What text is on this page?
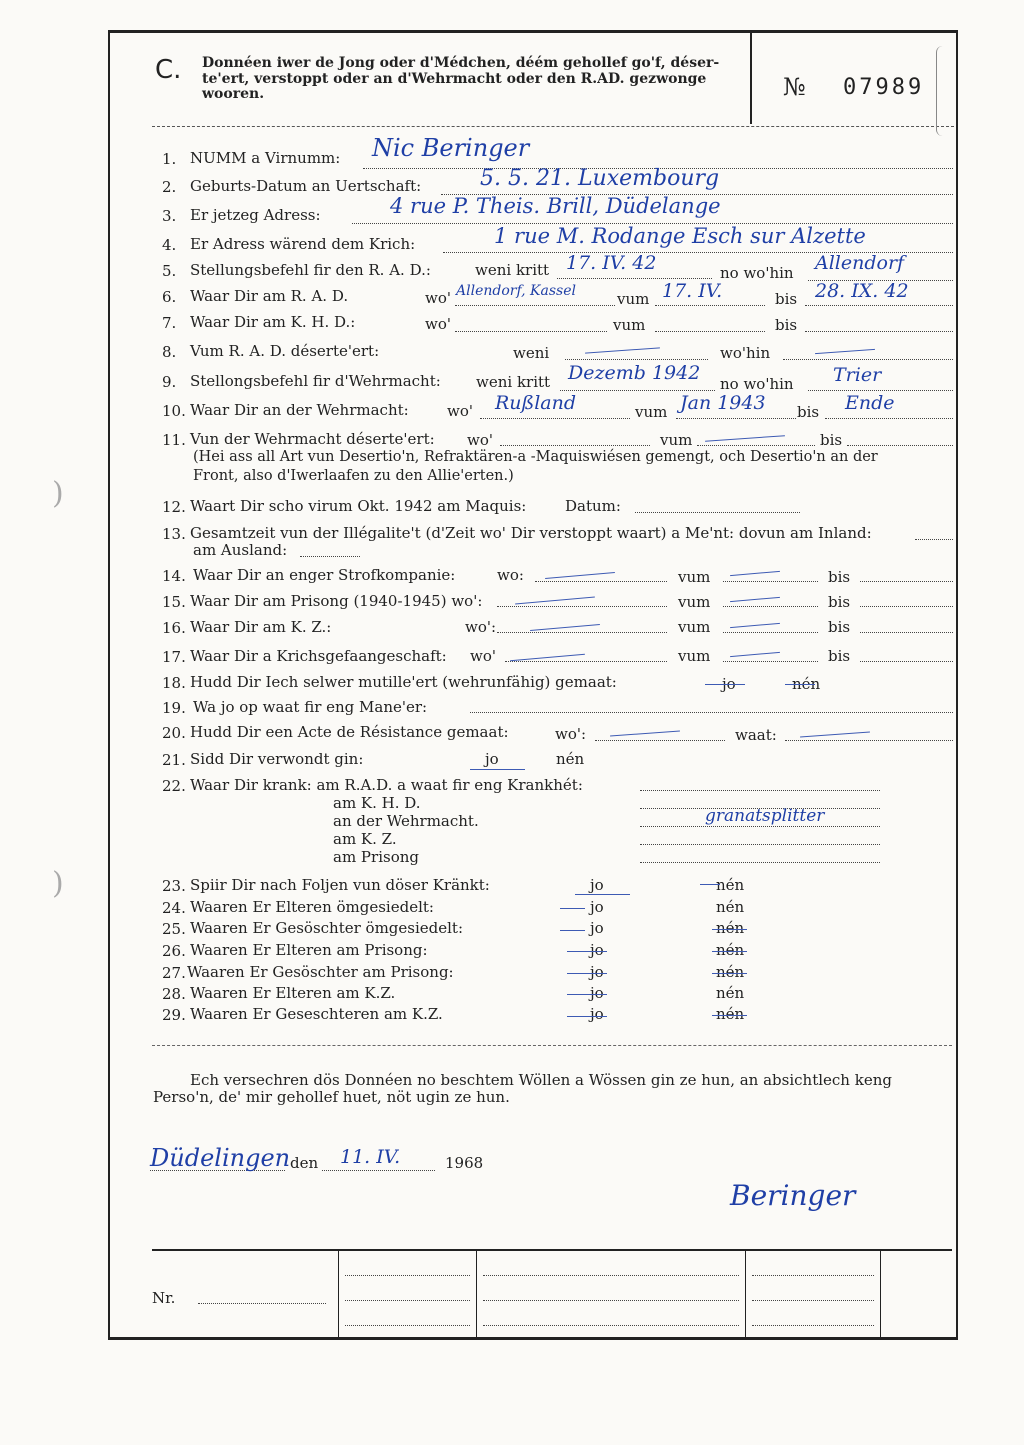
C. Donnéen iwer de Jong oder d'Médchen, déém gehollef go'f, déser-te'ert, verstoppt oder an d'Wehrmacht oder den R.AD. gezwonge wooren.	№ 07989
1. NUMM a Virnumm: Nic Beringer
2. Geburts-Datum an Uertschaft:	5. 5. 21. Luxembourg
3. Er jetzeg Adress:	4 rue P. Theis. Brill, Düdelange
4. Er Adress wärend dem Krich:	1 rue M. Rodange Esch sur Alzette
5. Stellungsbefehl fir den R. A. D.:	weni kritt 17. IV. 42	no wo'hin Allendorf
6. Waar Dir am R. A. D.	wo' Allendorf, Kassel	vum 17. IV.	bis 28. IX. 42
7. Waar Dir am K. H. D.:	wo'	vum	bis
8. Vum R. A. D. déserte'ert:	weni	wo'hin
9. Stellongsbefehl fir d'Wehrmacht: weni kritt Dezemb 1942 no wo'hin Trier
10. Waar Dir an der Wehrmacht:	wo' Rußland	vum Jan 1943 bis Ende
11. Vun der Wehrmacht déserte'ert: wo'	vum	bis
(Hei ass all Art vun Desertio'n, Refraktären-a -Maquiswiésen gemengt, och Desertio'n an der
Front, also d'Iwerlaafen zu den Allie'erten.)
12. Waart Dir scho virum Okt. 1942 am Maquis:	Datum:
13. Gesamtzeit vun der Illégalite't (d'Zeit wo' Dir verstoppt waart) a Me'nt: dovun am Inland:
am Ausland:
14. Waar Dir an enger Strofkompanie:	wo:	vum	bis
15. Waar Dir am Prisong (1940-1945) wo':	vum	bis
16. Waar Dir am K. Z.:	wo':	vum	bis
17. Waar Dir a Krichsgefaangeschaft: wo'	vum	bis
18. Hudd Dir Iech selwer mutille'ert (wehrunfähig) gemaat:	jo	nén
19. Wa jo op waat fir eng Mane'er:
20. Hudd Dir een Acte de Résistance gemaat:	wo':	waat:
21. Sidd Dir verwondt gin:	jo	nén
22. Waar Dir krank: am R.A.D. a waat fir eng Krankhét:
am K. H. D.
an der Wehrmacht.	granatsplitter
am K. Z.
am Prisong
23. Spiir Dir nach Foljen vun döser Kränkt:	jo	nén
24. Waaren Er Elteren ömgesiedelt:	jo	nén
25. Waaren Er Gesöschter ömgesiedelt:	jo	nén
26. Waaren Er Elteren am Prisong:	jo	nén
27. Waaren Er Gesöschter am Prisong:	jo	nén
28. Waaren Er Elteren am K.Z.	jo	nén
29. Waaren Er Geseschteren am K.Z.	jo	nén
Ech versechren dös Donnéen no beschtem Wöllen a Wössen gin ze hun, an absichtlech keng
Perso'n, de' mir gehollef huet, nöt ugin ze hun.
Düdelingen den 11. IV.	1968
Beringer
Nr.
)
)
